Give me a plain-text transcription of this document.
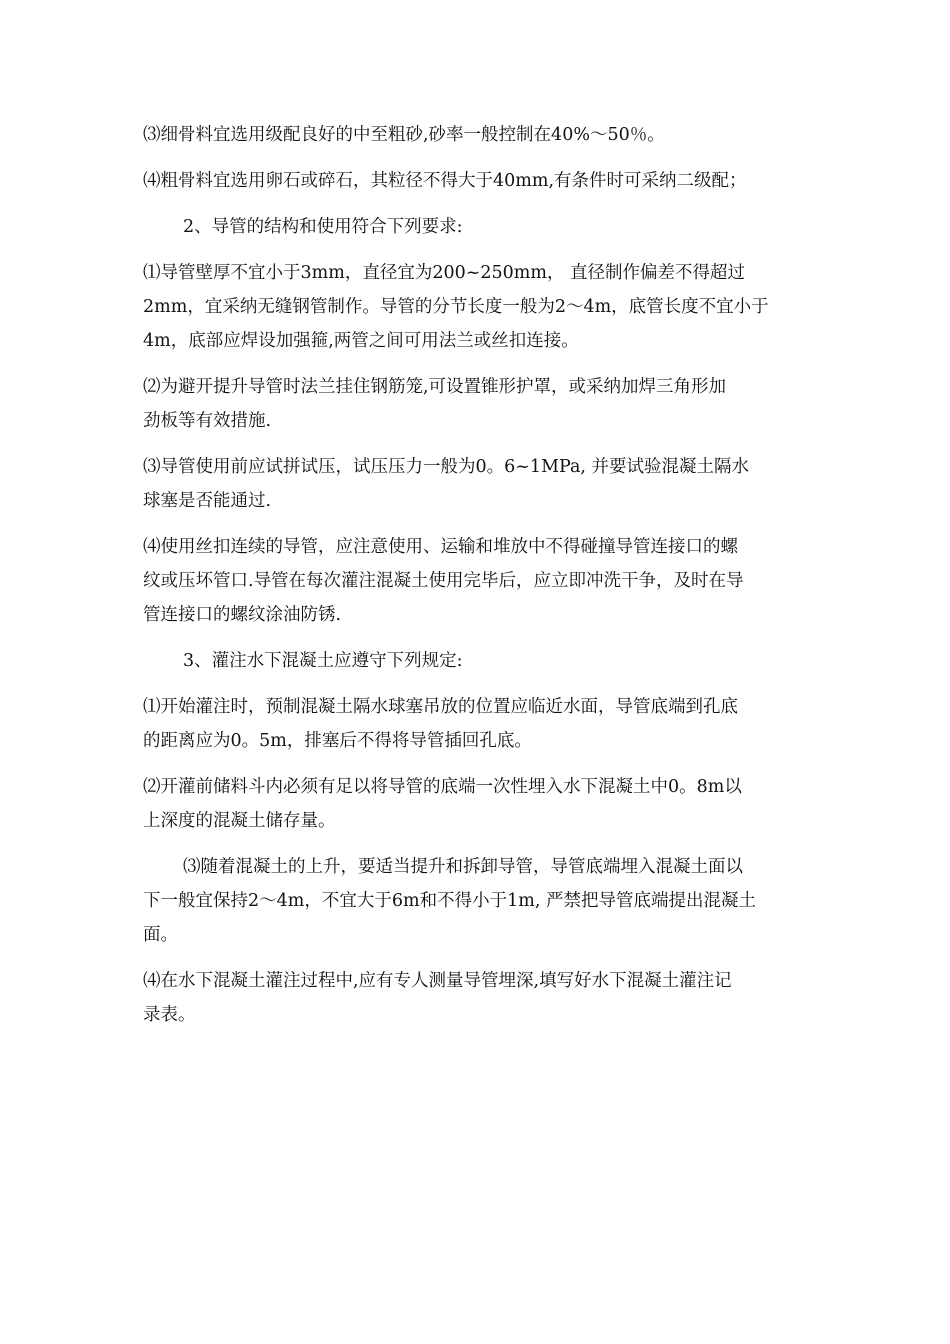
⑶细骨料宜选用级配良好的中至粗砂,砂率一般控制在40%～50％。

⑷粗骨料宜选用卵石或碎石，其粒径不得大于40mm,有条件时可采纳二级配；

2、导管的结构和使用符合下列要求:

⑴导管壁厚不宜小于3mm，直径宜为200~250mm， 直径制作偏差不得超过
2mm，宜采纳无缝钢管制作。导管的分节长度一般为2～4m，底管长度不宜小于
4m，底部应焊设加强箍,两管之间可用法兰或丝扣连接。

⑵为避开提升导管时法兰挂住钢筋笼,可设置锥形护罩，或采纳加焊三角形加
劲板等有效措施.

⑶导管使用前应试拼试压，试压压力一般为0。6~1MPa, 并要试验混凝土隔水
球塞是否能通过.

⑷使用丝扣连续的导管，应注意使用、运输和堆放中不得碰撞导管连接口的螺
纹或压坏管口.导管在每次灌注混凝土使用完毕后，应立即冲洗干争，及时在导
管连接口的螺纹涂油防锈.

3、灌注水下混凝土应遵守下列规定:

⑴开始灌注时，预制混凝土隔水球塞吊放的位置应临近水面，导管底端到孔底
的距离应为0。5m，排塞后不得将导管插回孔底。

⑵开灌前储料斗内必须有足以将导管的底端一次性埋入水下混凝土中0。8m以
上深度的混凝土储存量。

⑶随着混凝土的上升，要适当提升和拆卸导管，导管底端埋入混凝土面以
下一般宜保持2～4m，不宜大于6m和不得小于1m, 严禁把导管底端提出混凝土
面。

⑷在水下混凝土灌注过程中,应有专人测量导管埋深,填写好水下混凝土灌注记
录表。
